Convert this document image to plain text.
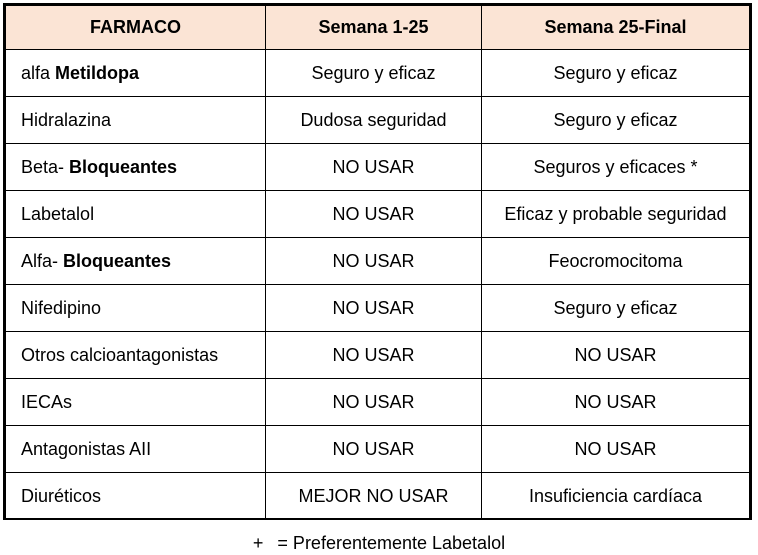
FARMACO	Semana 1-25	Semana 25-Final
alfa Metildopa	Seguro y eficaz	Seguro y eficaz
Hidralazina	Dudosa seguridad	Seguro y eficaz
Beta- Bloqueantes	NO USAR	Seguros y eficaces *
Labetalol	NO USAR	Eficaz y probable seguridad
Alfa- Bloqueantes	NO USAR	Feocromocitoma
Nifedipino	NO USAR	Seguro y eficaz
Otros calcioantagonistas	NO USAR	NO USAR
IECAs	NO USAR	NO USAR
Antagonistas AII	NO USAR	NO USAR
Diuréticos	MEJOR NO USAR	Insuficiencia cardíaca
+ = Preferentemente Labetalol
